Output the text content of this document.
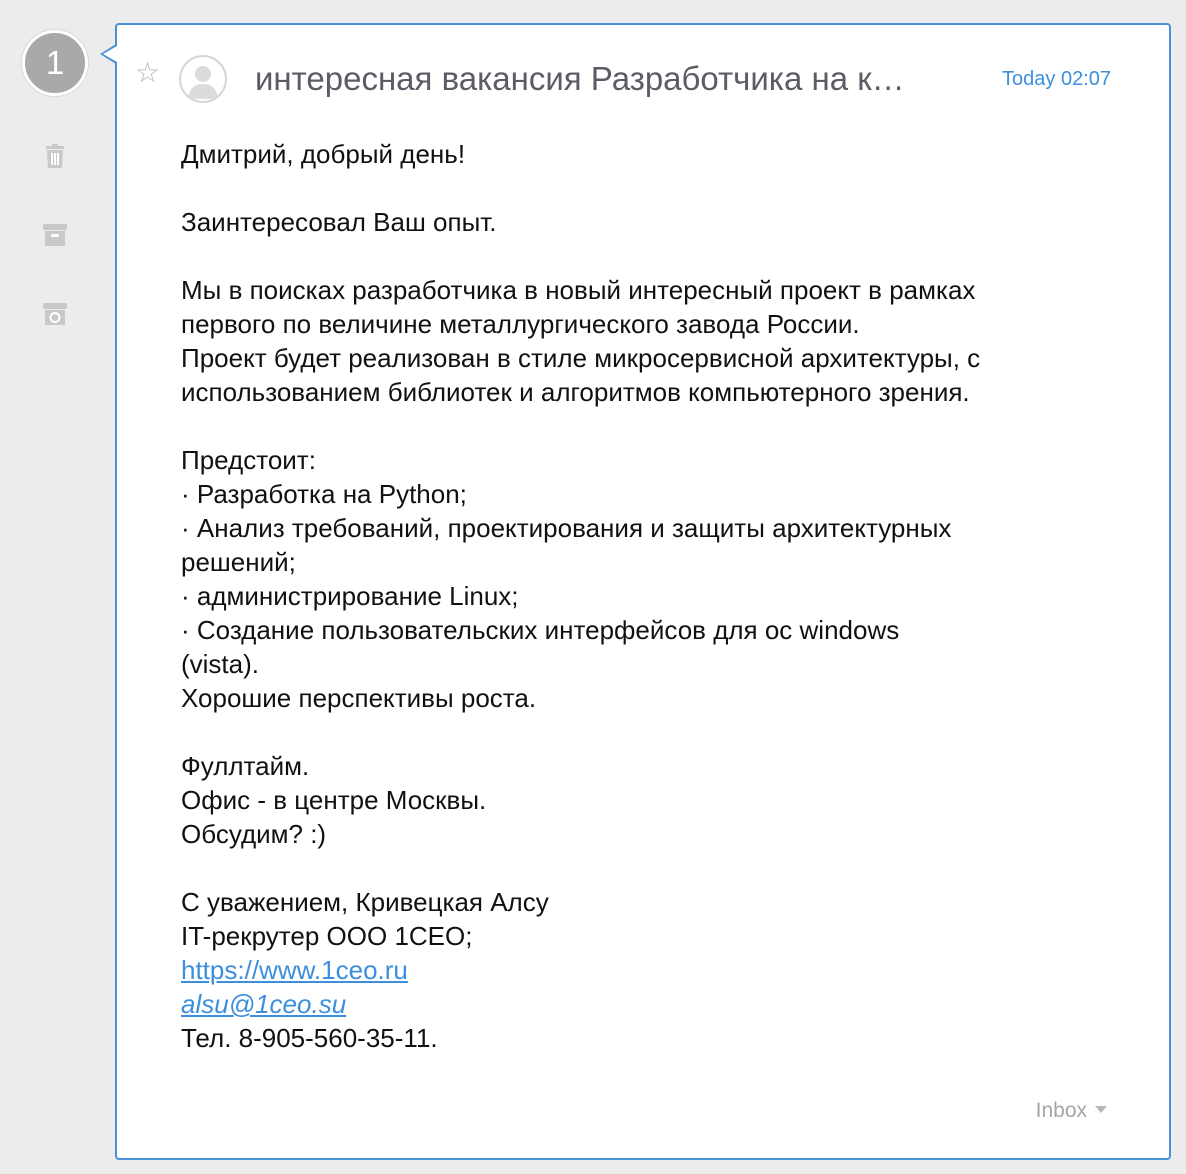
1	☆	интересная вакансия Разработчика на к…	Today 02:07

Дмитрий, добрый день!

Заинтересовал Ваш опыт.

Мы в поисках разработчика в новый интересный проект в рамках

первого по величине металлургического завода России.

Проект будет реализован в стиле микросервисной архитектуры, с

использованием библиотек и алгоритмов компьютерного зрения.

Предстоит:

· Разработка на Python;

· Анализ требований, проектирования и защиты архитектурных

решений;

· администрирование Linux;

· Создание пользовательских интерфейсов для ос windows

(vista).

Хорошие перспективы роста.

Фуллтайм.

Офис - в центре Москвы.

Обсудим? :)

С уважением, Кривецкая Алсу

IT-рекрутер ООО 1CEO;

https://www.1ceo.ru

alsu@1ceo.su

Тел. 8-905-560-35-11.

Inbox
